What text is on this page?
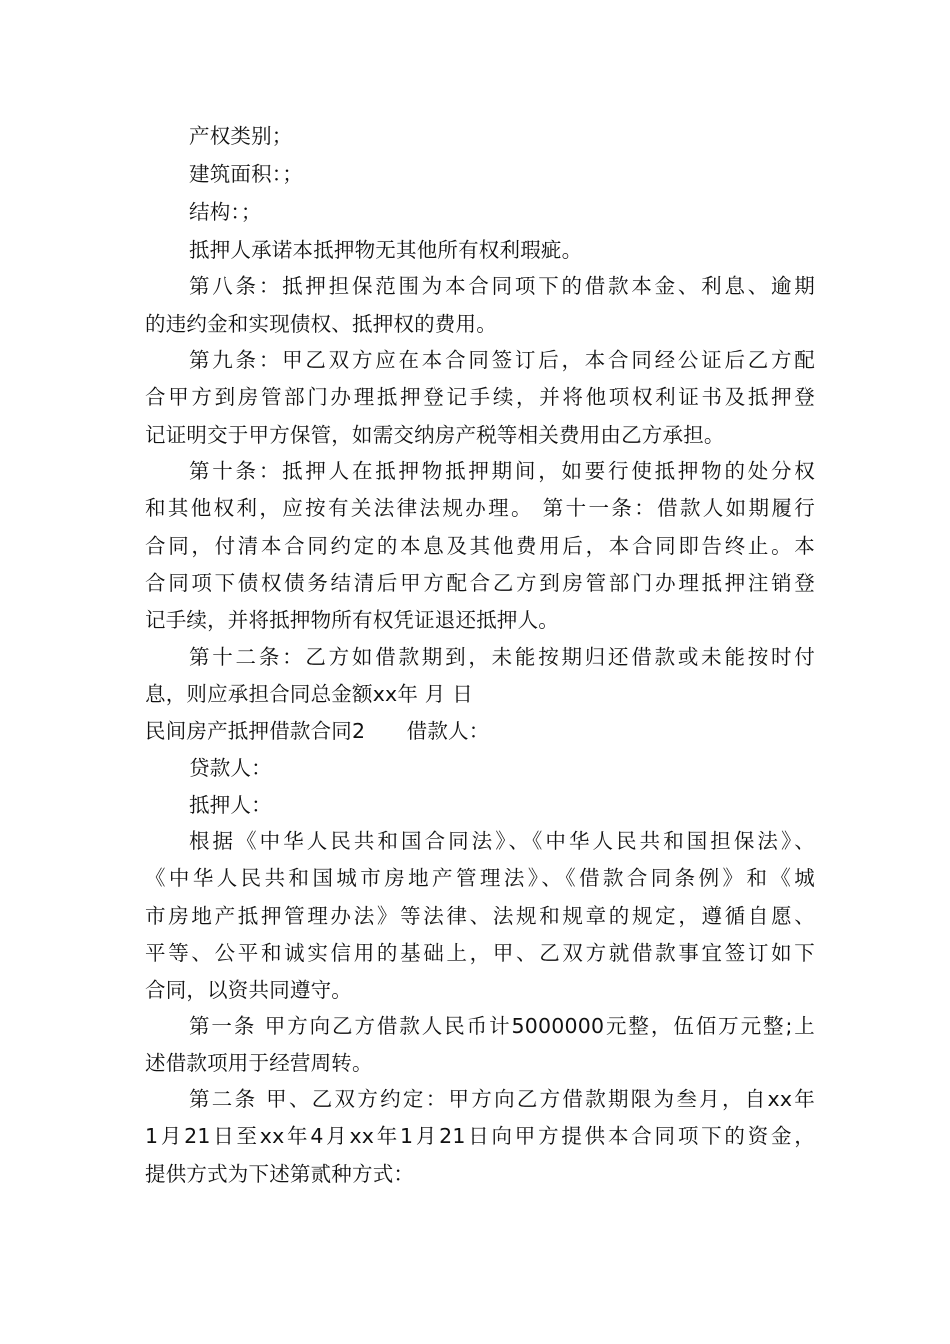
产权类别；
建筑面积：；
结构：；
抵押人承诺本抵押物无其他所有权利瑕疵。
第八条：抵押担保范围为本合同项下的借款本金、利息、逾期
的违约金和实现债权、抵押权的费用。
第九条：甲乙双方应在本合同签订后，本合同经公证后乙方配
合甲方到房管部门办理抵押登记手续，并将他项权利证书及抵押登
记证明交于甲方保管，如需交纳房产税等相关费用由乙方承担。
第十条：抵押人在抵押物抵押期间，如要行使抵押物的处分权
和其他权利，应按有关法律法规办理。 第十一条：借款人如期履行
合同，付清本合同约定的本息及其他费用后，本合同即告终止。本
合同项下债权债务结清后甲方配合乙方到房管部门办理抵押注销登
记手续，并将抵押物所有权凭证退还抵押人。
第十二条：乙方如借款期到，未能按期归还借款或未能按时付
息，则应承担合同总金额xx年 月 日
民间房产抵押借款合同2　　借款人：
贷款人：
抵押人：
根据《中华人民共和国合同法》、《中华人民共和国担保法》、
《中华人民共和国城市房地产管理法》、《借款合同条例》和《城
市房地产抵押管理办法》等法律、法规和规章的规定，遵循自愿、
平等、公平和诚实信用的基础上，甲、乙双方就借款事宜签订如下
合同，以资共同遵守。
第一条 甲方向乙方借款人民币计5000000元整，伍佰万元整;上
述借款项用于经营周转。
第二条 甲、乙双方约定：甲方向乙方借款期限为叁月，自xx年
1月21日至xx年4月xx年1月21日向甲方提供本合同项下的资金，
提供方式为下述第贰种方式：
